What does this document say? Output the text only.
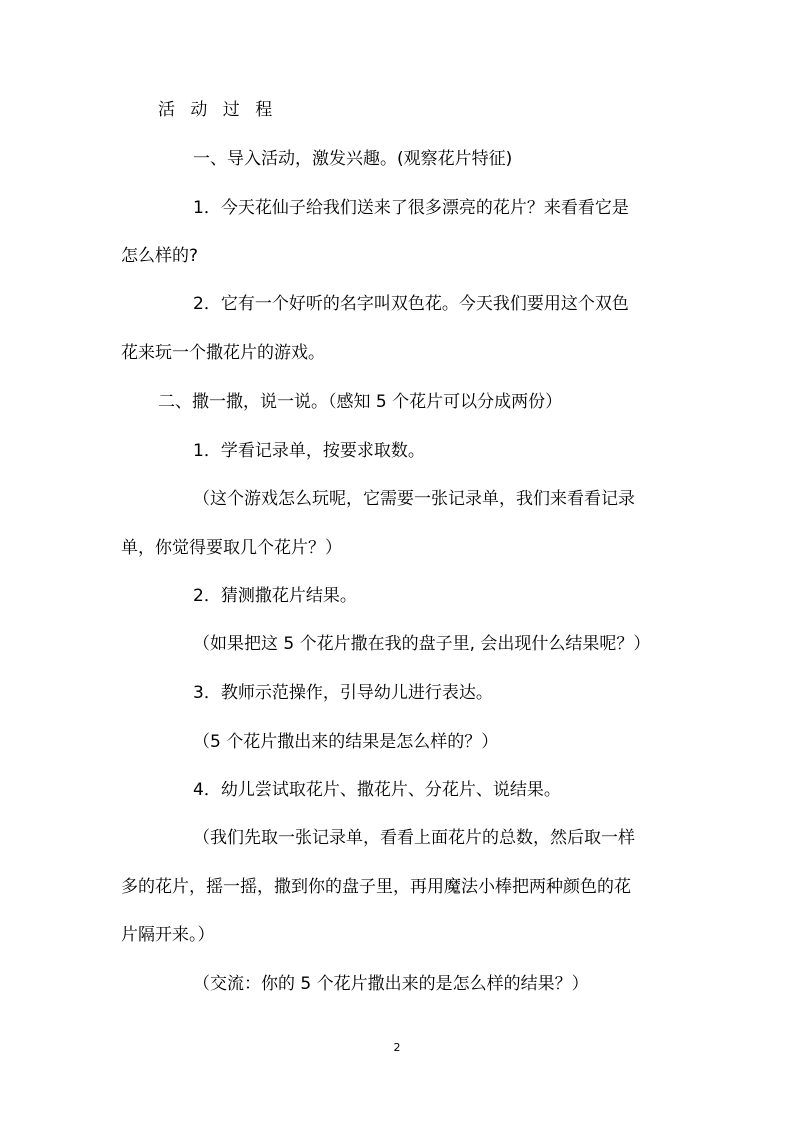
活 动 过 程

一、导入活动，激发兴趣。(观察花片特征)

1．今天花仙子给我们送来了很多漂亮的花片？来看看它是

怎么样的?

2．它有一个好听的名字叫双色花。今天我们要用这个双色

花来玩一个撒花片的游戏。

二、撒一撒，说一说。（感知 5 个花片可以分成两份）

1．学看记录单，按要求取数。

（这个游戏怎么玩呢，它需要一张记录单，我们来看看记录

单，你觉得要取几个花片？）

2．猜测撒花片结果。

（如果把这 5 个花片撒在我的盘子里, 会出现什么结果呢？）

3．教师示范操作，引导幼儿进行表达。

（5 个花片撒出来的结果是怎么样的？）

4．幼儿尝试取花片、撒花片、分花片、说结果。

（我们先取一张记录单，看看上面花片的总数，然后取一样

多的花片，摇一摇，撒到你的盘子里，再用魔法小棒把两种颜色的花

片隔开来。）

（交流：你的 5 个花片撒出来的是怎么样的结果？）

2
